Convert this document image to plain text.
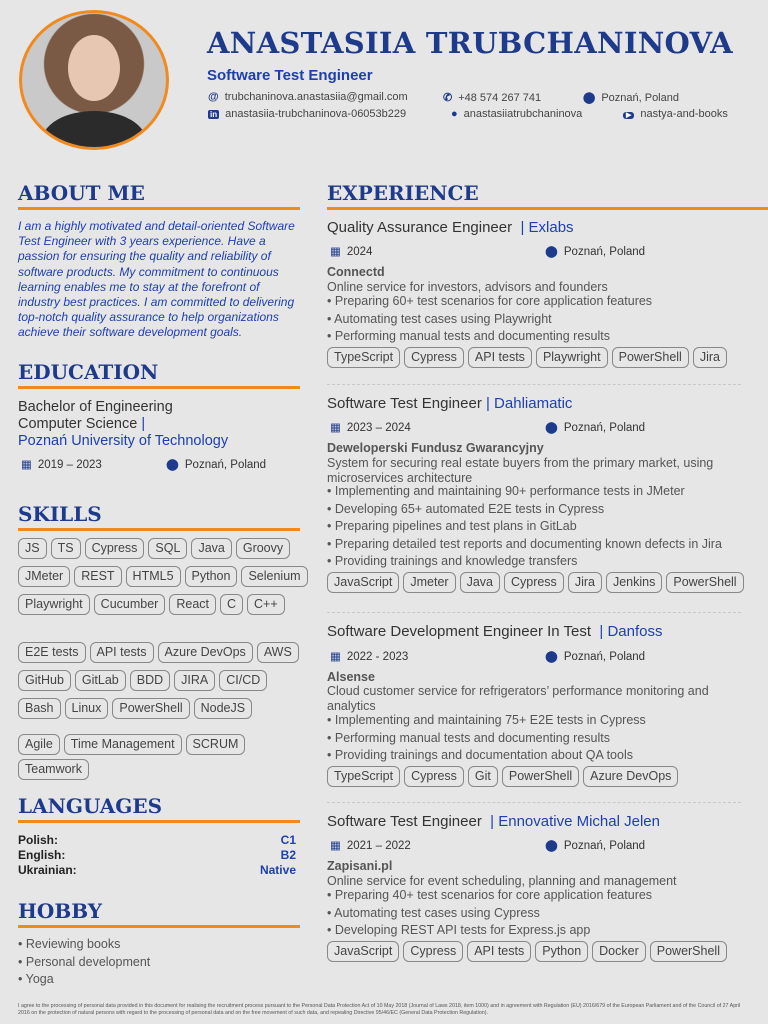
ANASTASIIA TRUBCHANINOVA
Software Test Engineer
@ trubchaninova.anastasiia@gmail.com	✆ +48 574 267 741	⬤ Poznań, Poland
in anastasiia-trubchaninova-06053b229	● anastasiiatrubchaninova	▶ nastya-and-books
ABOUT ME
I am a highly motivated and detail-oriented Software Test Engineer with 3 years experience. Have a passion for ensuring the quality and reliability of software products. My commitment to continuous learning enables me to stay at the forefront of industry best practices. I am committed to delivering top-notch quality assurance to help organizations achieve their software development goals.
EDUCATION
Bachelor of Engineering
Computer Science |
Poznań University of Technology
▦ 2019 – 2023	⬤ Poznań, Poland
SKILLS
JS	TS	Cypress	SQL	Java	Groovy
JMeter	REST	HTML5	Python	Selenium
Playwright	Cucumber	React	C	C++
E2E tests	API tests	Azure DevOps	AWS
GitHub	GitLab	BDD	JIRA	CI/CD
Bash	Linux	PowerShell	NodeJS
Agile	Time Management	SCRUM
Teamwork
LANGUAGES
Polish:	C1
English:	B2
Ukrainian:	Native
HOBBY
• Reviewing books
• Personal development
• Yoga
EXPERIENCE
Quality Assurance Engineer | Exlabs
▦ 2024	⬤ Poznań, Poland
Connectd
Online service for investors, advisors and founders
• Preparing 60+ test scenarios for core application features
• Automating test cases using Playwright
• Performing manual tests and documenting results
TypeScript	Cypress	API tests	Playwright	PowerShell	Jira
Software Test Engineer | Dahliamatic
▦ 2023 – 2024	⬤ Poznań, Poland
Deweloperski Fundusz Gwarancyjny
System for securing real estate buyers from the primary market, using microservices architecture
• Implementing and maintaining 90+ performance tests in JMeter
• Developing 65+ automated E2E tests in Cypress
• Preparing pipelines and test plans in GitLab
• Preparing detailed test reports and documenting known defects in Jira
• Providing trainings and knowledge transfers
JavaScript	Jmeter	Java	Cypress	Jira	Jenkins	PowerShell
Software Development Engineer In Test | Danfoss
▦ 2022 - 2023	⬤ Poznań, Poland
Alsense
Cloud customer service for refrigerators’ performance monitoring and analytics
• Implementing and maintaining 75+ E2E tests in Cypress
• Performing manual tests and documenting results
• Providing trainings and documentation about QA tools
TypeScript	Cypress	Git	PowerShell	Azure DevOps
Software Test Engineer | Ennovative Michal Jelen
▦ 2021 – 2022	⬤ Poznań, Poland
Zapisani.pl
Online service for event scheduling, planning and management
• Preparing 40+ test scenarios for core application features
• Automating test cases using Cypress
• Developing REST API tests for Express.js app
JavaScript	Cypress	API tests	Python	Docker	PowerShell
I agree to the processing of personal data provided in this document for realising the recruitment process pursuant to the Personal Data Protection Act of 10 May 2018 (Journal of Laws 2018, item 1000) and in agreement with Regulation (EU) 2016/679 of the European Parliament and of the Council of 27 April 2016 on the protection of natural persons with regard to the processing of personal data and on the free movement of such data, and repealing Directive 95/46/EC (General Data Protection Regulation).
